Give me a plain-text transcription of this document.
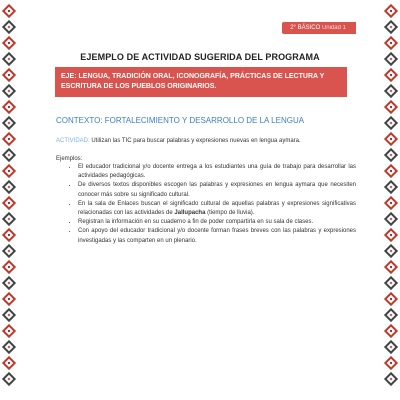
2° BÁSICO Unidad 1
EJEMPLO DE ACTIVIDAD SUGERIDA DEL PROGRAMA
EJE: LENGUA, TRADICIÓN ORAL, ICONOGRAFÍA, PRÁCTICAS DE LECTURA Y ESCRITURA DE LOS PUEBLOS ORIGINARIOS.
CONTEXTO: FORTALECIMIENTO Y DESARROLLO DE LA LENGUA
ACTIVIDAD: Utilizan las TIC para buscar palabras y expresiones nuevas en lengua aymara.
Ejemplos:
• El educador tradicional y/o docente entrega a los estudiantes una guía de trabajo para desarrollar las actividades pedagógicas.
• De diversos textos disponibles escogen las palabras y expresiones en lengua aymara que necesiten conocer más sobre su significado cultural.
• En la sala de Enlaces buscan el significado cultural de aquellas palabras y expresiones significativas relacionadas con las actividades de Jallupacha (tiempo de lluvia).
• Registran la información en su cuaderno a fin de poder compartirla en su sala de clases.
• Con apoyo del educador tradicional y/o docente forman frases breves con las palabras y expresiones investigadas y las comparten en un plenario.
